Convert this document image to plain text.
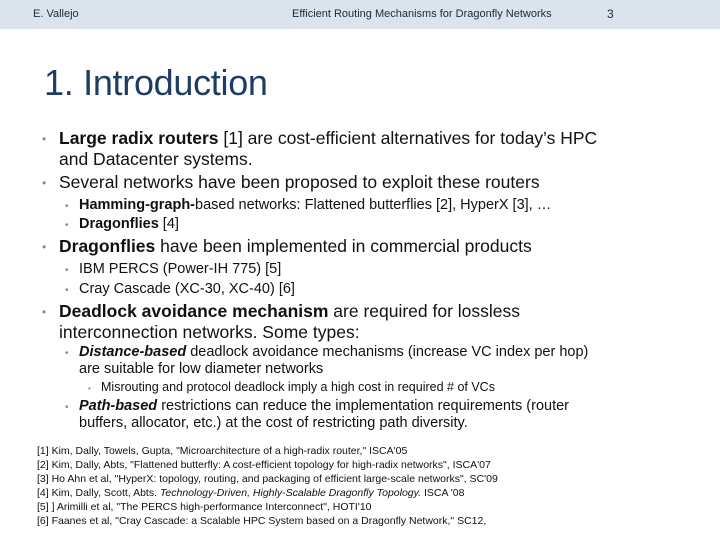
E. Vallejo	Efficient Routing Mechanisms for Dragonfly Networks	3
1. Introduction
• Large radix routers [1] are cost-efficient alternatives for today’s HPC
and Datacenter systems.
• Several networks have been proposed to exploit these routers
• Hamming-graph-based networks: Flattened butterflies [2], HyperX [3], …
• Dragonflies [4]
• Dragonflies have been implemented in commercial products
• IBM PERCS (Power-IH 775) [5]
• Cray Cascade (XC-30, XC-40) [6]
• Deadlock avoidance mechanism are required for lossless
interconnection networks. Some types:
• Distance-based deadlock avoidance mechanisms (increase VC index per hop)
are suitable for low diameter networks
• Misrouting and protocol deadlock imply a high cost in required # of VCs
• Path-based restrictions can reduce the implementation requirements (router
buffers, allocator, etc.) at the cost of restricting path diversity.
[1] Kim, Dally, Towels, Gupta, "Microarchitecture of a high-radix router," ISCA'05
[2] Kim, Dally, Abts, "Flattened butterfly: A cost-efficient topology for high-radix networks", ISCA'07
[3] Ho Ahn et al, "HyperX: topology, routing, and packaging of efficient large-scale networks", SC'09
[4] Kim, Dally, Scott, Abts. Technology-Driven, Highly-Scalable Dragonfly Topology. ISCA '08
[5] ] Arimilli et al, "The PERCS high-performance Interconnect", HOTI'10
[6] Faanes et al, "Cray Cascade: a Scalable HPC System based on a Dragonfly Network," SC12,
